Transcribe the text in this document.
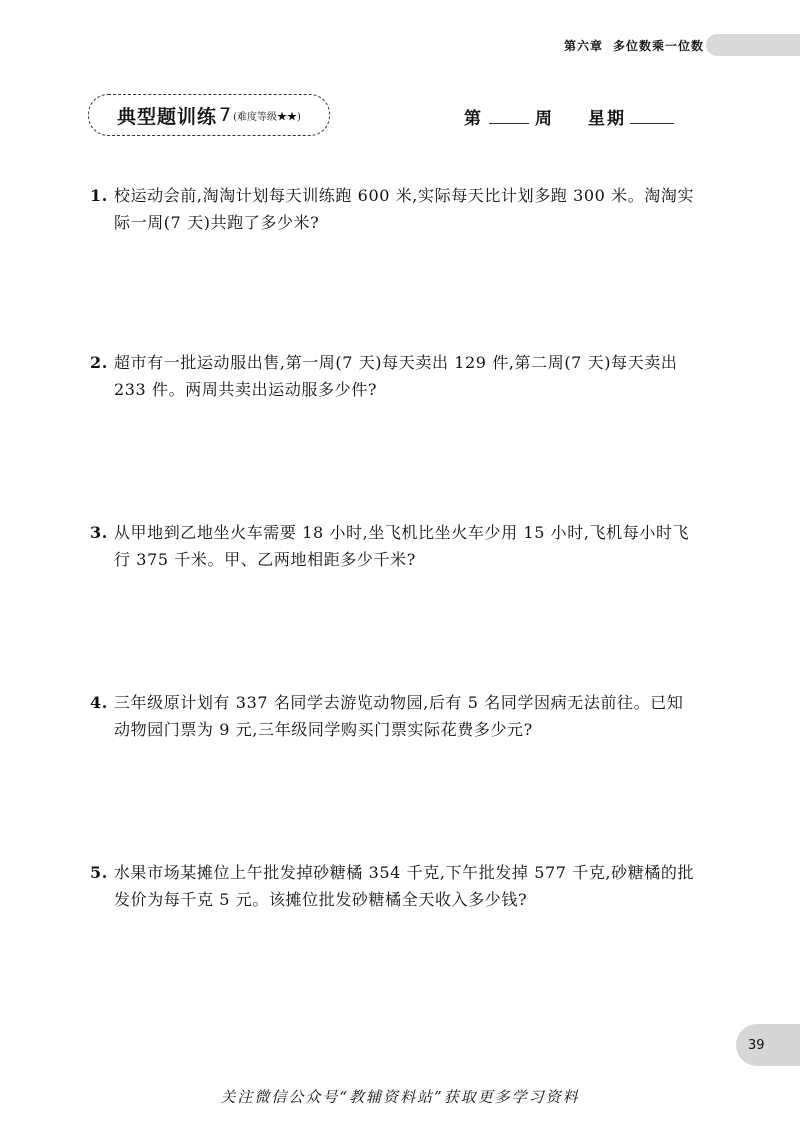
第六章 多位数乘一位数
典型题训练 7 (难度等级★★)	第	周 星期

1. 校运动会前,淘淘计划每天训练跑 600 米,实际每天比计划多跑 300 米。淘淘实
际一周(7 天)共跑了多少米?

2. 超市有一批运动服出售,第一周(7 天)每天卖出 129 件,第二周(7 天)每天卖出
233 件。两周共卖出运动服多少件?

3. 从甲地到乙地坐火车需要 18 小时,坐飞机比坐火车少用 15 小时,飞机每小时飞
行 375 千米。甲、乙两地相距多少千米?

4. 三年级原计划有 337 名同学去游览动物园,后有 5 名同学因病无法前往。已知
动物园门票为 9 元,三年级同学购买门票实际花费多少元?

5. 水果市场某摊位上午批发掉砂糖橘 354 千克,下午批发掉 577 千克,砂糖橘的批
发价为每千克 5 元。该摊位批发砂糖橘全天收入多少钱?

39
关注微信公众号“教辅资料站”获取更多学习资料
